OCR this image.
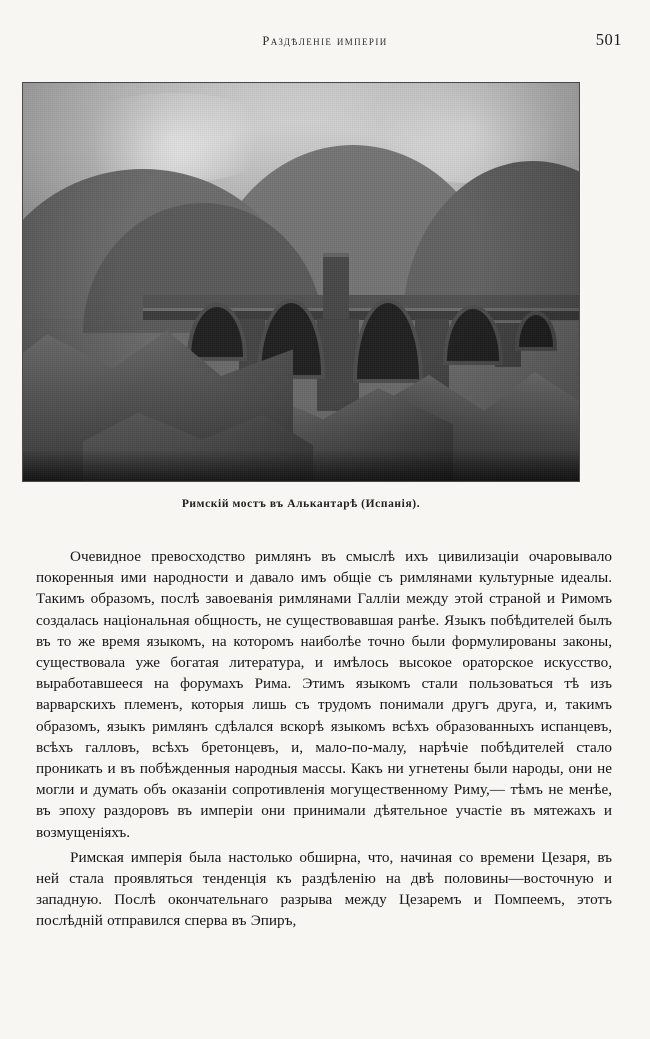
Раздѣленіе имперіи	501
Римскій мостъ въ Алькантарѣ (Испанія).

Очевидное превосходство римлянъ въ смыслѣ ихъ цивилизаціи очаровывало покоренныя ими народности и давало имъ общіе съ римлянами культурные идеалы. Такимъ образомъ, послѣ завоеванія римлянами Галліи между этой страной и Римомъ создалась національная общность, не существовавшая ранѣе. Языкъ побѣдителей былъ въ то же время языкомъ, на которомъ наиболѣе точно были формулированы законы, существовала уже богатая литература, и имѣлось высокое ораторское искусство, выработавшееся на форумахъ Рима. Этимъ языкомъ стали пользоваться тѣ изъ варварскихъ племенъ, которыя лишь съ трудомъ понимали другъ друга, и, такимъ образомъ, языкъ римлянъ сдѣлался вскорѣ языкомъ всѣхъ образованныхъ испанцевъ, всѣхъ галловъ, всѣхъ бретонцевъ, и, мало-по-малу, нарѣчіе побѣдителей стало проникать и въ побѣжденныя народныя массы. Какъ ни угнетены были народы, они не могли и думать объ оказаніи сопротивленія могущественному Риму,— тѣмъ не менѣе, въ эпоху раздоровъ въ имперіи они принимали дѣятельное участіе въ мятежахъ и возмущеніяхъ.

Римская имперія была настолько обширна, что, начиная со времени Цезаря, въ ней стала проявляться тенденція къ раздѣленію на двѣ половины—восточную и западную. Послѣ окончательнаго разрыва между Цезаремъ и Помпеемъ, этотъ послѣдній отправился сперва въ Эпиръ,
